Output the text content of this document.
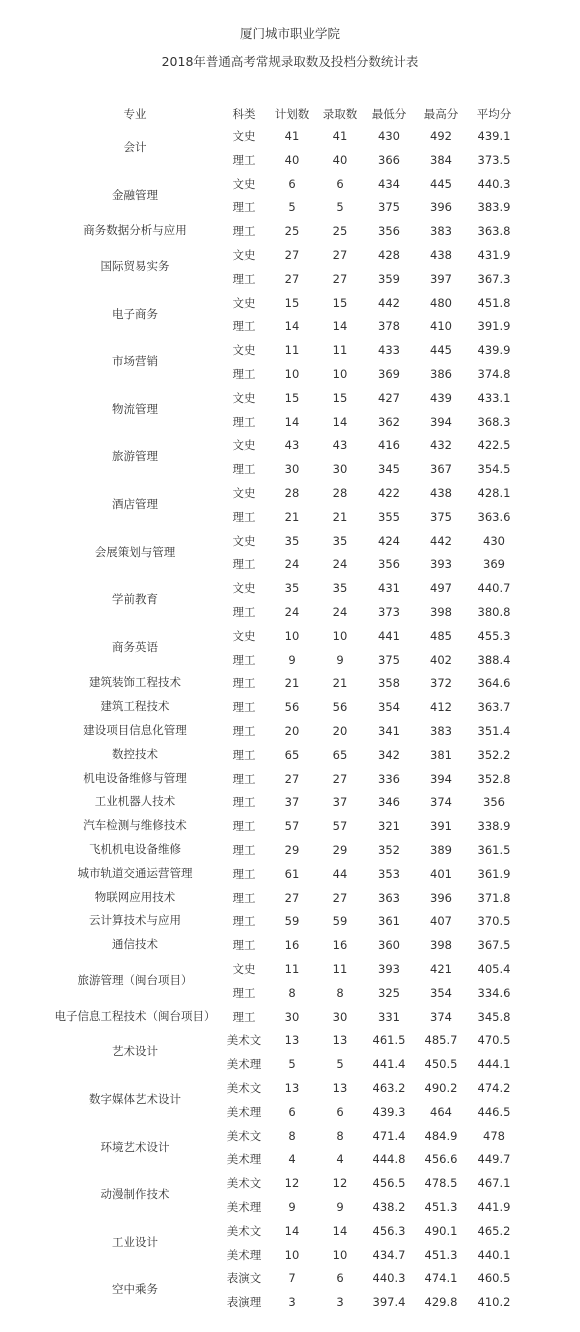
厦门城市职业学院
2018年普通高考常规录取数及投档分数统计表
专业	科类	计划数	录取数	最低分	最高分	平均分
会计
文史	41	41	430	492	439.1
理工	40	40	366	384	373.5
金融管理
文史	6	6	434	445	440.3
理工	5	5	375	396	383.9
商务数据分析与应用	理工	25	25	356	383	363.8
国际贸易实务
文史	27	27	428	438	431.9
理工	27	27	359	397	367.3
电子商务
文史	15	15	442	480	451.8
理工	14	14	378	410	391.9
市场营销
文史	11	11	433	445	439.9
理工	10	10	369	386	374.8
物流管理
文史	15	15	427	439	433.1
理工	14	14	362	394	368.3
旅游管理
文史	43	43	416	432	422.5
理工	30	30	345	367	354.5
酒店管理
文史	28	28	422	438	428.1
理工	21	21	355	375	363.6
会展策划与管理
文史	35	35	424	442	430
理工	24	24	356	393	369
学前教育
文史	35	35	431	497	440.7
理工	24	24	373	398	380.8
商务英语
文史	10	10	441	485	455.3
理工	9	9	375	402	388.4
建筑装饰工程技术	理工	21	21	358	372	364.6
建筑工程技术	理工	56	56	354	412	363.7
建设项目信息化管理	理工	20	20	341	383	351.4
数控技术	理工	65	65	342	381	352.2
机电设备维修与管理	理工	27	27	336	394	352.8
工业机器人技术	理工	37	37	346	374	356
汽车检测与维修技术	理工	57	57	321	391	338.9
飞机机电设备维修	理工	29	29	352	389	361.5
城市轨道交通运营管理	理工	61	44	353	401	361.9
物联网应用技术	理工	27	27	363	396	371.8
云计算技术与应用	理工	59	59	361	407	370.5
通信技术	理工	16	16	360	398	367.5
旅游管理（闽台项目）
文史	11	11	393	421	405.4
理工	8	8	325	354	334.6
电子信息工程技术（闽台项目）	理工	30	30	331	374	345.8
艺术设计
美术文	13	13	461.5	485.7	470.5
美术理	5	5	441.4	450.5	444.1
数字媒体艺术设计
美术文	13	13	463.2	490.2	474.2
美术理	6	6	439.3	464	446.5
环境艺术设计
美术文	8	8	471.4	484.9	478
美术理	4	4	444.8	456.6	449.7
动漫制作技术
美术文	12	12	456.5	478.5	467.1
美术理	9	9	438.2	451.3	441.9
工业设计
美术文	14	14	456.3	490.1	465.2
美术理	10	10	434.7	451.3	440.1
空中乘务
表演文	7	6	440.3	474.1	460.5
表演理	3	3	397.4	429.8	410.2
